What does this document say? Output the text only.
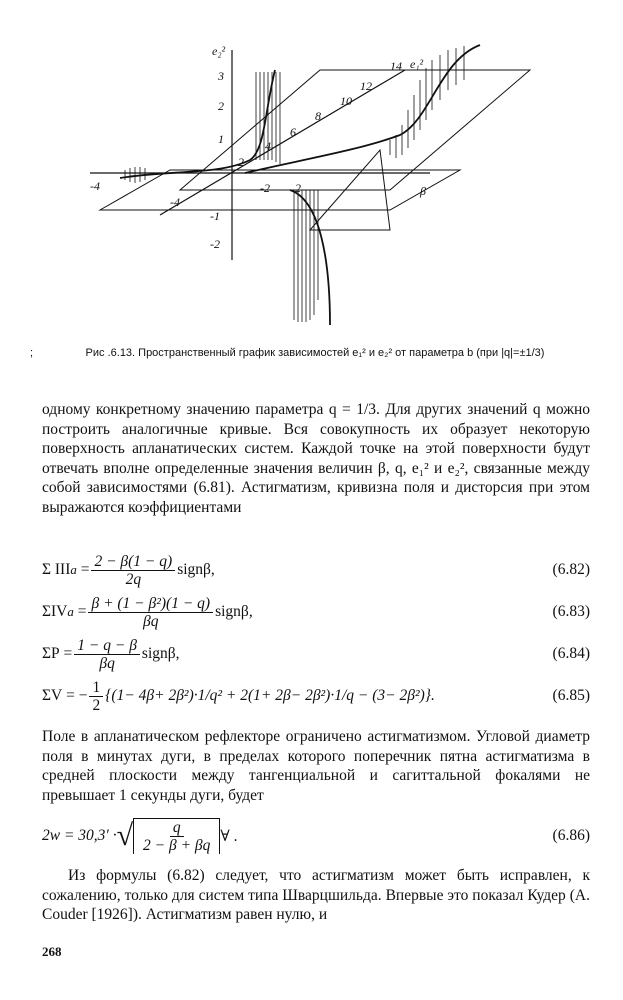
e₂²
e₁²
β
3
2
1
-1
-2
-4
2
-2 2
14
12
10
8
6
4
-4
;	Рис .6.13. Пространственный график зависимостей e₁² и e₂² от параметра b (при |q|=±1/3)
одному конкретному значению параметра q = 1/3. Для других значений q можно построить аналогичные кривые. Вся совокупность их образует некоторую поверхность апланатических систем. Каждой точке на этой поверхности будут отвечать вполне определенные значения величин β, q, e₁² и e₂², связанные между собой зависимостями (6.81). Астигматизм, кривизна поля и дисторсия при этом выражаются коэффициентами
Σ III $a = \frac{2 - \beta(1 - q)}{2q}$ signβ,	(6.82)
ΣIV $a = \frac{\text{β + (1 − β²)(1 − q)}}{\beta q}$ signβ,	(6.83)
$\Sigma P = \frac{1 - q - \beta}{\beta q}$ signβ,	(6.84)
ΣV = − $\frac{1}{2} \{(1- 4\beta+ 2\beta^2)\cdot 1/q^2 + 2(1+ 2\beta- 2\beta^2)\cdot 1/q - (3- 2\beta^2)\}$.	(6.85)
Поле в апланатическом рефлекторе ограничено астигматизмом. Угловой диаметр поля в минутах дуги, в пределах которого поперечник пятна астигматизма в средней плоскости между тангенциальной и сагиттальной фокалями не превышает 1 секунды дуги, будет
2w = 30,3′ · √ $\frac{q}{2 - \beta + \beta q}$ ∀ .	(6.86)
Из формулы (6.82) следует, что астигматизм может быть исправлен, к сожалению, только для систем типа Шварцшильда. Впервые это показал Кудер (A. Couder [1926]). Астигматизм равен нулю, и
268
